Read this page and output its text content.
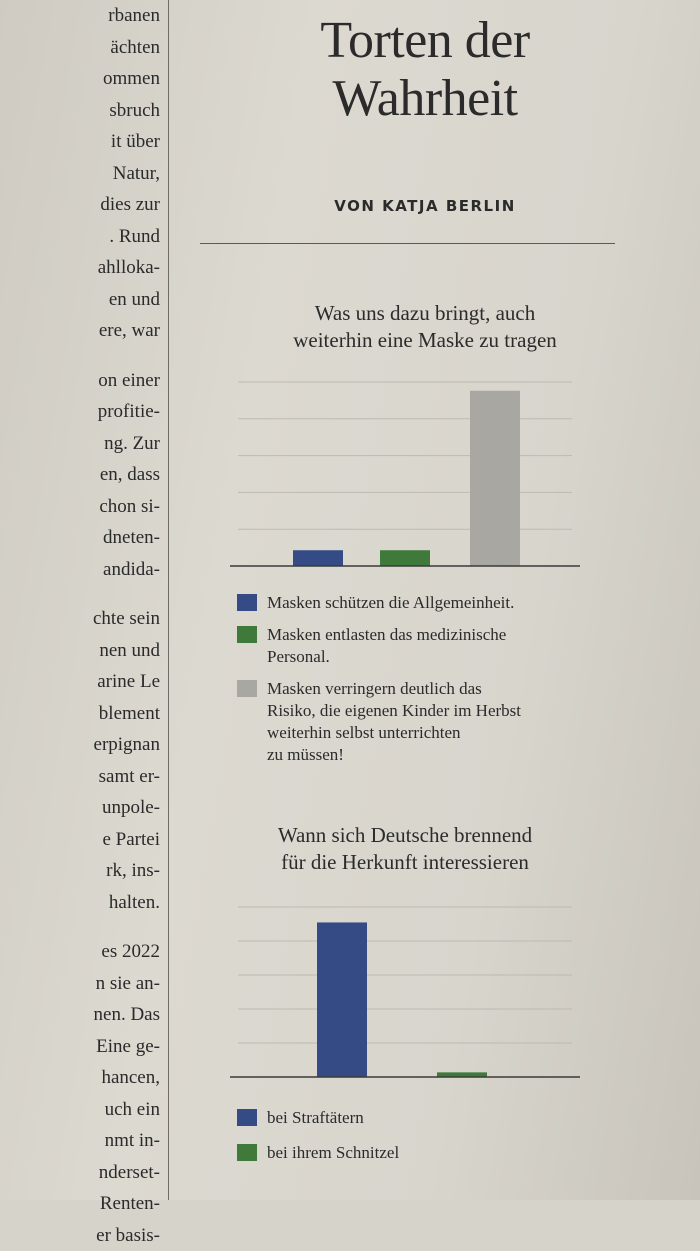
rbanen
ächten
ommen
sbruch
it über
Natur,
dies zur
. Rund
ahllokа-
en und
ere, war
on einer
profitie-
ng. Zur
en, dass
chon si-
dneten-
andida-
chte sein
nen und
arine Le
blement
erpignan
samt er-
unpole-
e Partei
rk, ins-
halten.
es 2022
n sie an-
nen. Das
Eine ge-
hancen,
uch ein
nmt in-
nderset-
Renten-
er basis-
Torten der
Wahrheit
VON KATJA BERLIN
Was uns dazu bringt, auch
weiterhin eine Maske zu tragen
Masken schützen die Allgemeinheit.
Masken entlasten das medizinische
Personal.
Masken verringern deutlich das
Risiko, die eigenen Kinder im Herbst
weiterhin selbst unterrichten
zu müssen!
Wann sich Deutsche brennend
für die Herkunft interessieren
bei Straftätern
bei ihrem Schnitzel
